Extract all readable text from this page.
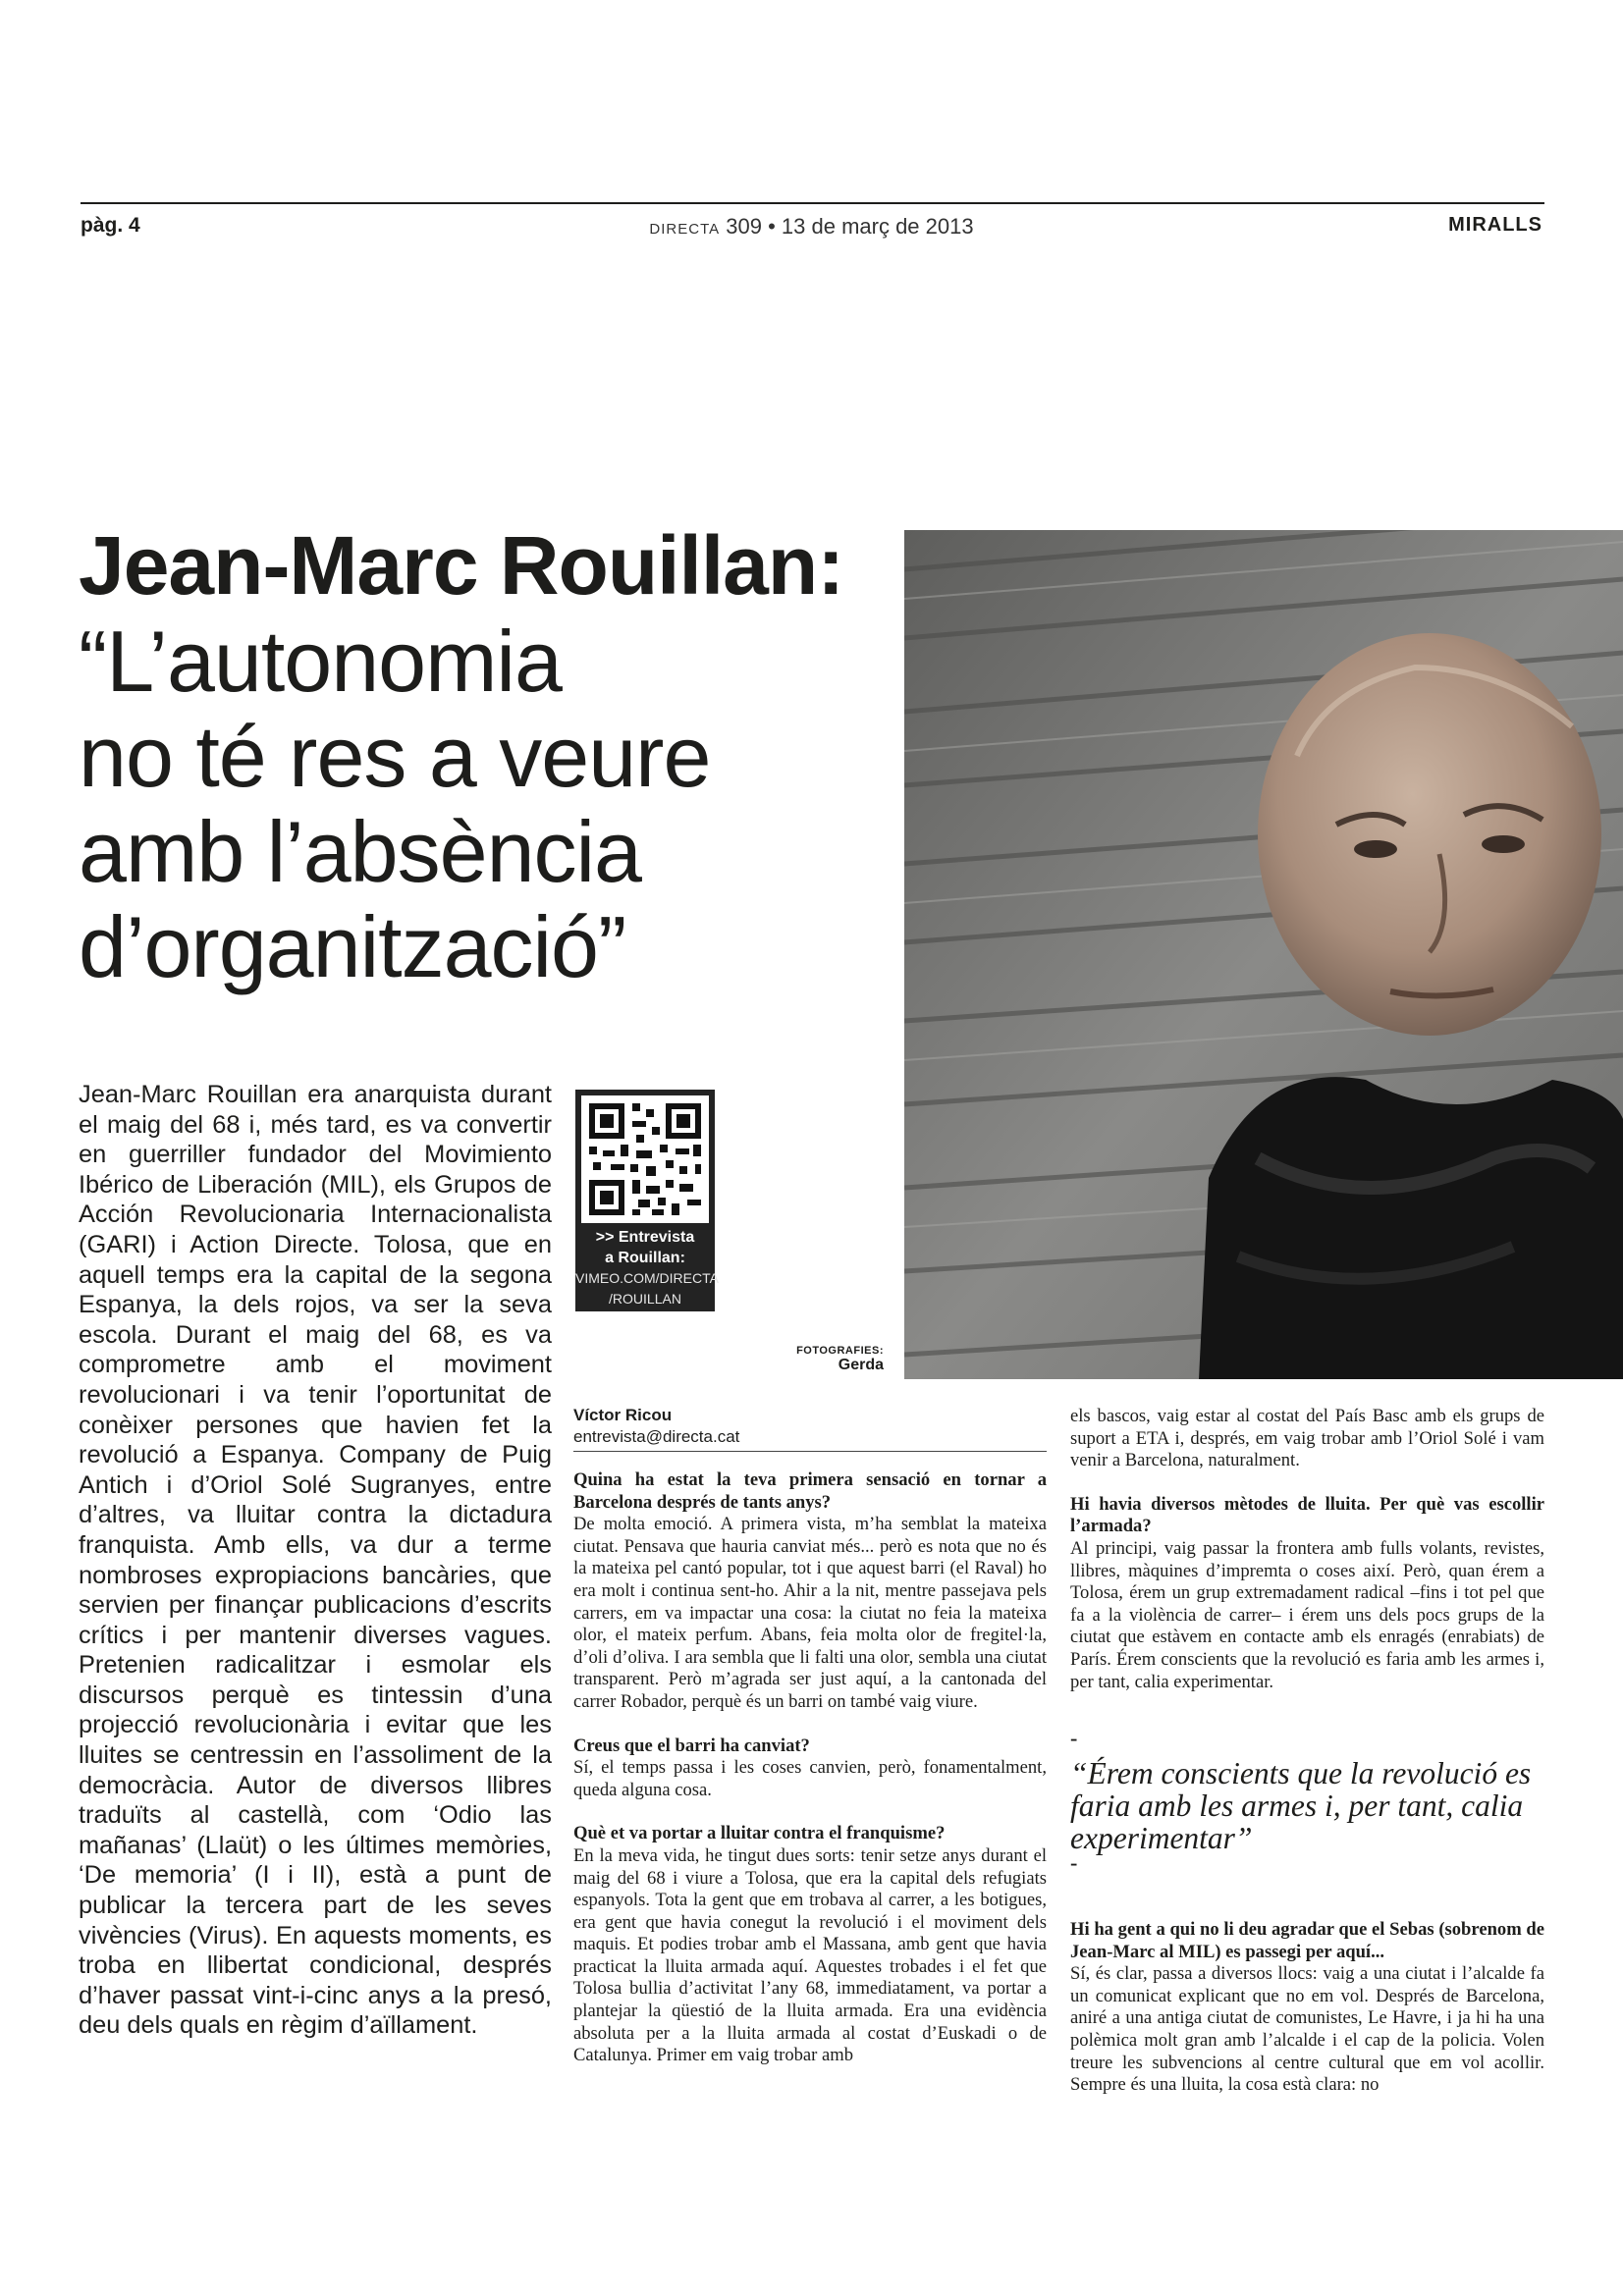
pàg. 4	DIRECTA 309 • 13 de març de 2013	MIRALLS
Jean-Marc Rouillan:
“L’autonomia
no té res a veure
amb l’absència
d’organització”
Jean-Marc Rouillan era anarquista durant el maig del 68 i, més tard, es va convertir en guerriller fundador del Movimiento Ibérico de Liberación (MIL), els Grupos de Acción Revolucionaria Internacionalista (GARI) i Action Directe. Tolosa, que en aquell temps era la capital de la segona Espanya, la dels rojos, va ser la seva escola. Durant el maig del 68, es va comprometre amb el moviment revolucionari i va tenir l’oportunitat de conèixer persones que havien fet la revolució a Espanya. Company de Puig Antich i d’Oriol Solé Sugranyes, entre d’altres, va lluitar contra la dictadura franquista. Amb ells, va dur a terme nombroses expropiacions bancàries, que servien per finançar publicacions d’escrits crítics i per mantenir diverses vagues. Pretenien radicalitzar i esmolar els discursos perquè es tintessin d’una projecció revolucionària i evitar que les lluites se centressin en l’assoliment de la democràcia. Autor de diversos llibres traduïts al castellà, com ‘Odio las mañanas’ (Llaüt) o les últimes memòries, ‘De memoria’ (I i II), està a punt de publicar la tercera part de les seves vivències (Virus). En aquests moments, es troba en llibertat condicional, després d’haver passat vint-i-cinc anys a la presó, deu dels quals en règim d’aïllament.
>> Entrevista
a Rouillan:
VIMEO.COM/DIRECTA
/ROUILLAN
FOTOGRAFIES:
Gerda
Víctor Ricou
entrevista@directa.cat
Quina ha estat la teva primera sensació en tornar a Barcelona després de tants anys?
De molta emoció. A primera vista, m’ha semblat la mateixa ciutat. Pensava que hauria canviat més... però es nota que no és la mateixa pel cantó popular, tot i que aquest barri (el Raval) ho era molt i continua sent-ho. Ahir a la nit, mentre passejava pels carrers, em va impactar una cosa: la ciutat no feia la mateixa olor, el mateix perfum. Abans, feia molta olor de fregitel·la, d’oli d’oliva. I ara sembla que li falti una olor, sembla una ciutat transparent. Però m’agrada ser just aquí, a la cantonada del carrer Robador, perquè és un barri on també vaig viure.
Creus que el barri ha canviat?
Sí, el temps passa i les coses canvien, però, fonamentalment, queda alguna cosa.
Què et va portar a lluitar contra el franquisme?
En la meva vida, he tingut dues sorts: tenir setze anys durant el maig del 68 i viure a Tolosa, que era la capital dels refugiats espanyols. Tota la gent que em trobava al carrer, a les botigues, era gent que havia conegut la revolució i el moviment dels maquis. Et podies trobar amb el Massana, amb gent que havia practicat la lluita armada aquí. Aquestes trobades i el fet que Tolosa bullia d’activitat l’any 68, immediatament, va portar a plantejar la qüestió de la lluita armada. Era una evidència absoluta per a la lluita armada al costat d’Euskadi o de Catalunya. Primer em vaig trobar amb
els bascos, vaig estar al costat del País Basc amb els grups de suport a ETA i, després, em vaig trobar amb l’Oriol Solé i vam venir a Barcelona, naturalment.
Hi havia diversos mètodes de lluita. Per què vas escollir l’armada?
Al principi, vaig passar la frontera amb fulls volants, revistes, llibres, màquines d’impremta o coses així. Però, quan érem a Tolosa, érem un grup extremadament radical –fins i tot pel que fa a la violència de carrer– i érem uns dels pocs grups de la ciutat que estàvem en contacte amb els enragés (enrabiats) de París. Érem conscients que la revolució es faria amb les armes i, per tant, calia experimentar.
-
“Érem conscients que la revolució es faria amb les armes i, per tant, calia experimentar”
-
Hi ha gent a qui no li deu agradar que el Sebas (sobrenom de Jean-Marc al MIL) es passegi per aquí...
Sí, és clar, passa a diversos llocs: vaig a una ciutat i l’alcalde fa un comunicat explicant que no em vol. Després de Barcelona, aniré a una antiga ciutat de comunistes, Le Havre, i ja hi ha una polèmica molt gran amb l’alcalde i el cap de la policia. Volen treure les subvencions al centre cultural que em vol acollir. Sempre és una lluita, la cosa està clara: no
